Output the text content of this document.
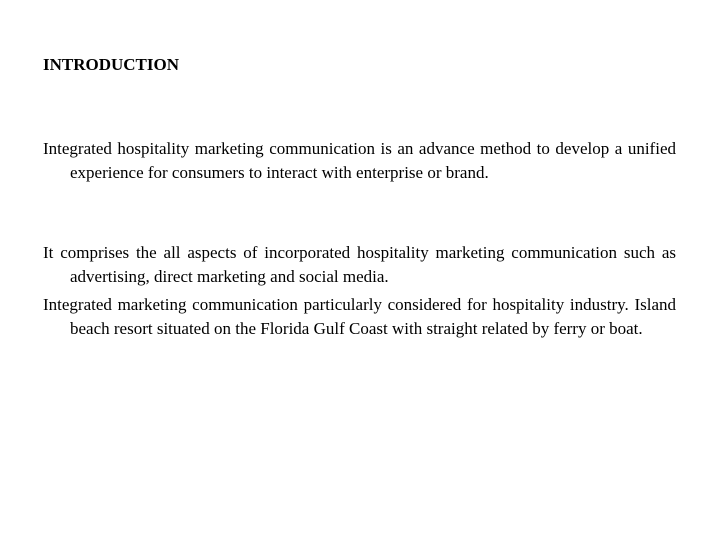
INTRODUCTION

Integrated hospitality marketing communication is an advance method to develop a unified experience for consumers to interact with enterprise or brand.

It comprises the all aspects of incorporated hospitality marketing communication such as advertising, direct marketing and social media.

Integrated marketing communication particularly considered for hospitality industry. Island beach resort situated on the Florida Gulf Coast with straight related by ferry or boat.
